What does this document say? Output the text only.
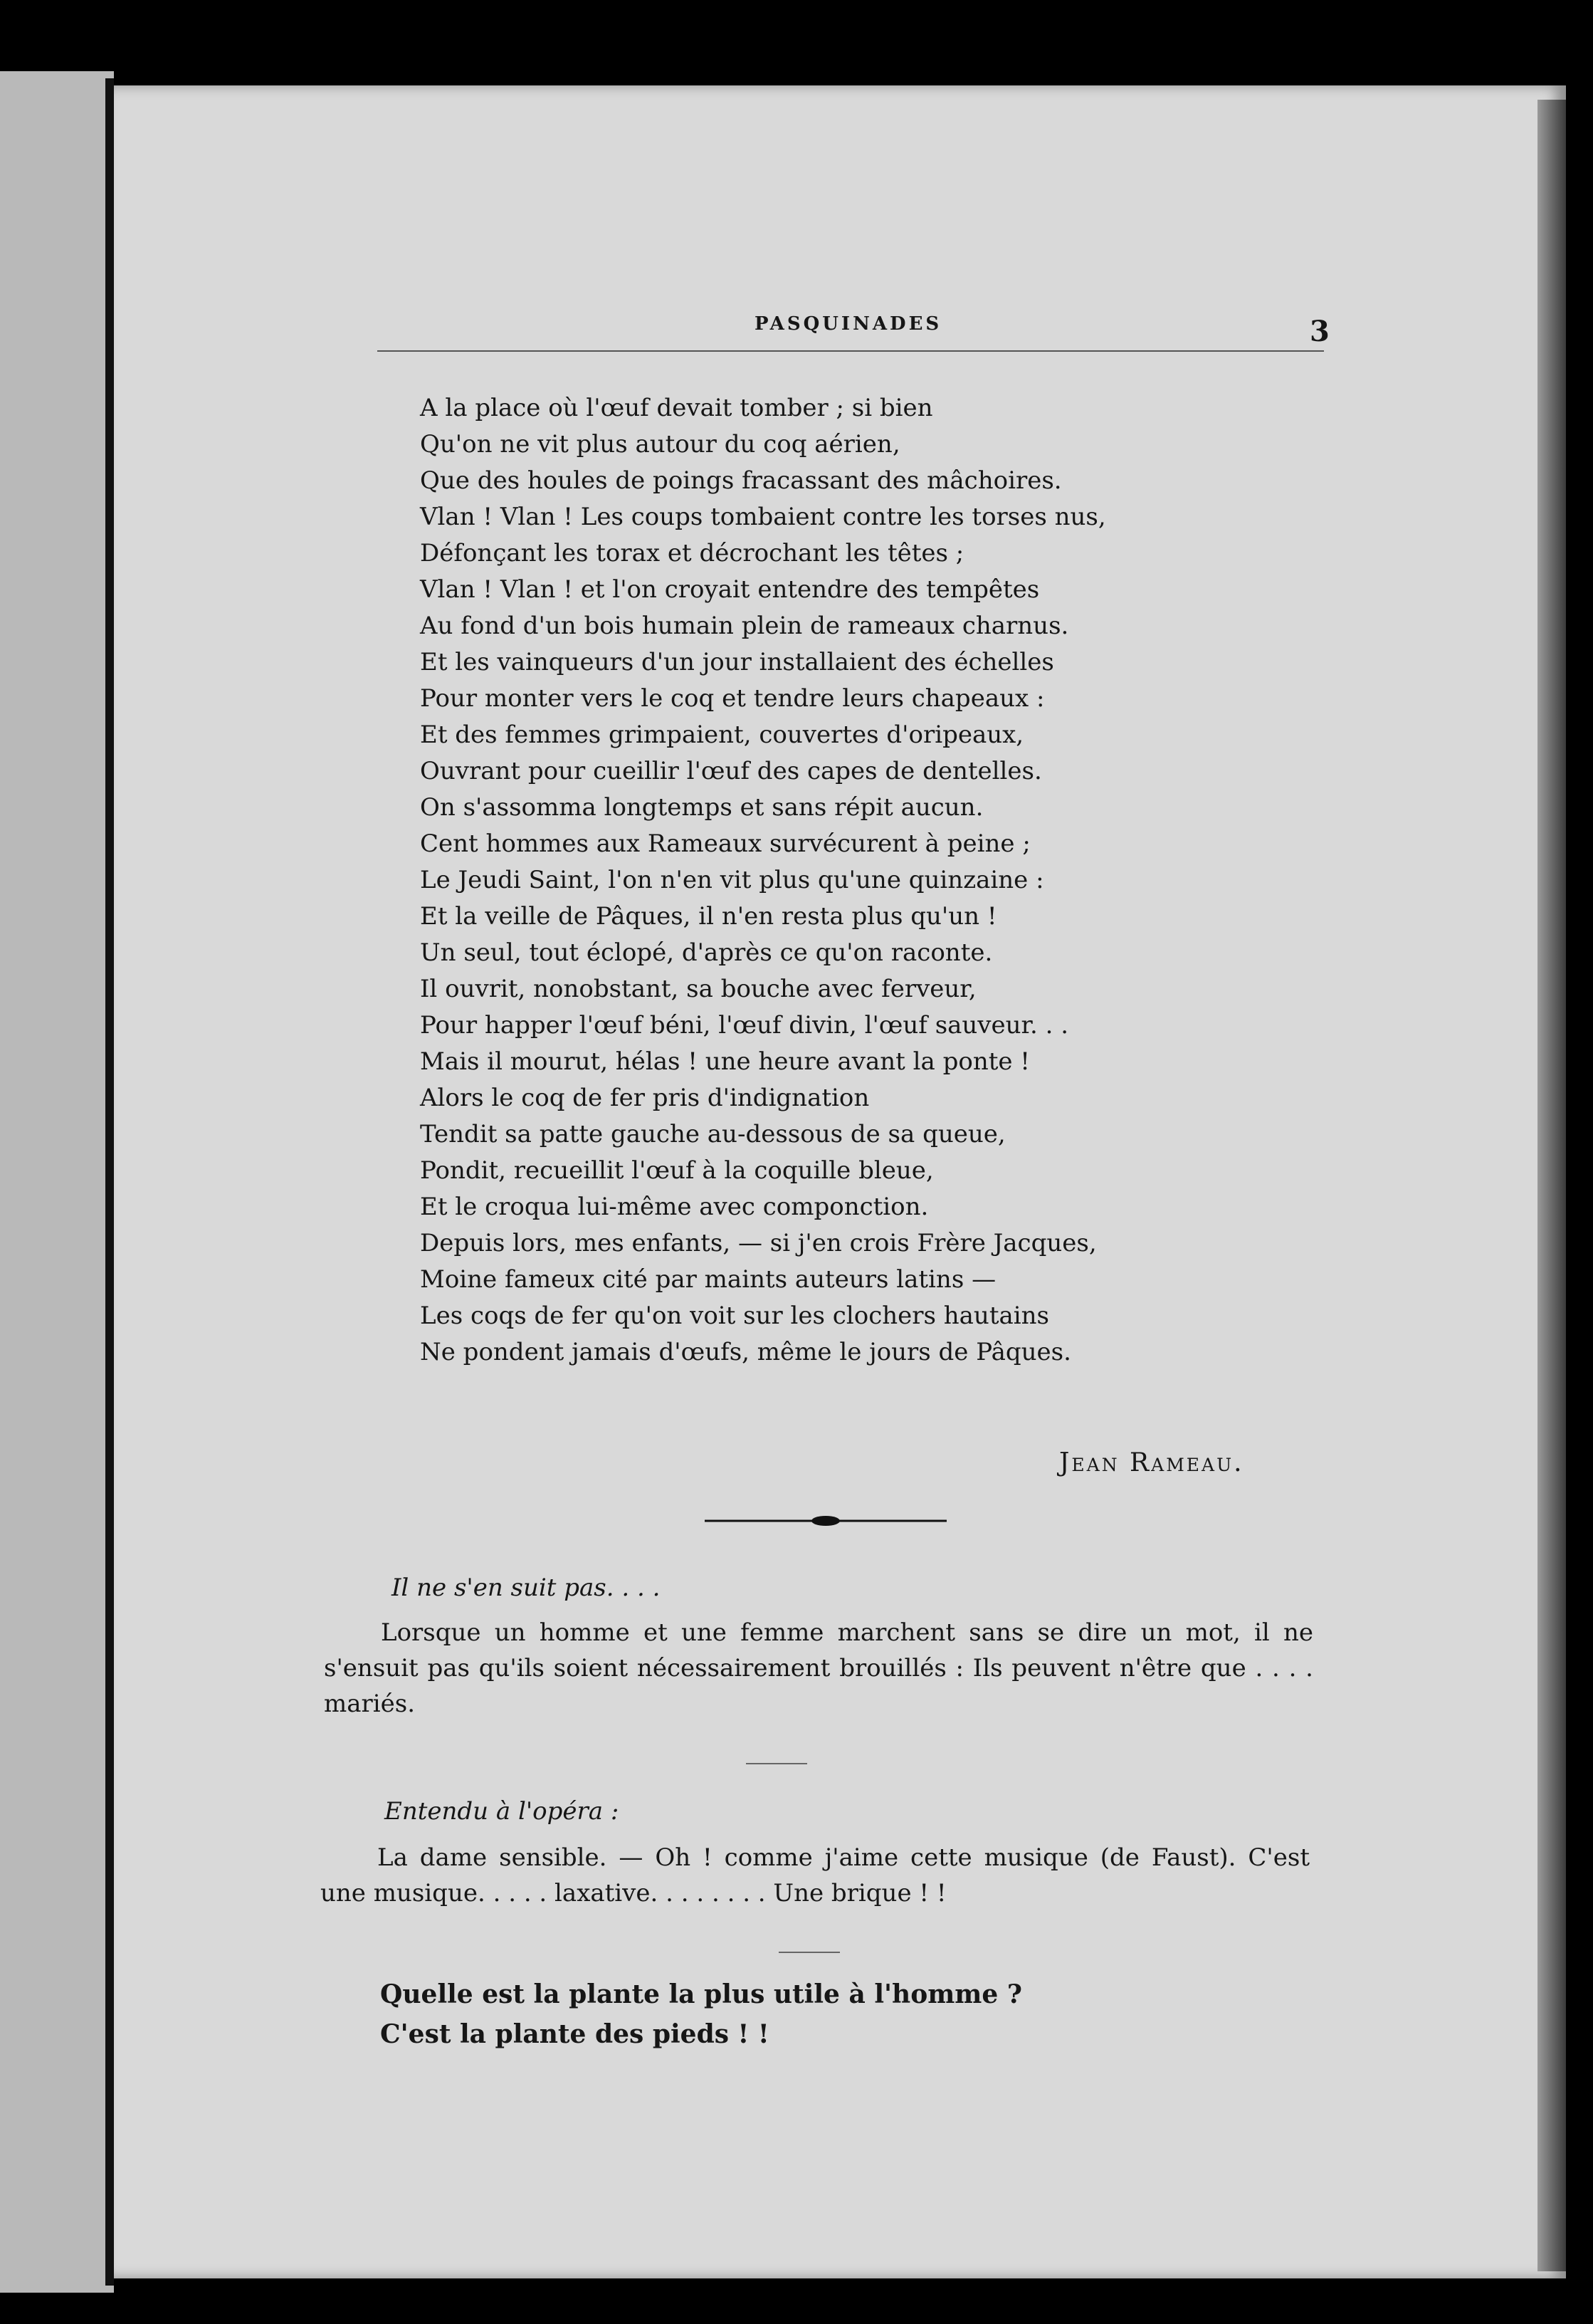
PASQUINADES	3
A la place où l'œuf devait tomber ; si bien
Qu'on ne vit plus autour du coq aérien,
Que des houles de poings fracassant des mâchoires.
Vlan ! Vlan ! Les coups tombaient contre les torses nus,
Défonçant les torax et décrochant les têtes ;
Vlan ! Vlan ! et l'on croyait entendre des tempêtes
Au fond d'un bois humain plein de rameaux charnus.
Et les vainqueurs d'un jour installaient des échelles
Pour monter vers le coq et tendre leurs chapeaux :
Et des femmes grimpaient, couvertes d'oripeaux,
Ouvrant pour cueillir l'œuf des capes de dentelles.
On s'assomma longtemps et sans répit aucun.
Cent hommes aux Rameaux survécurent à peine ;
Le Jeudi Saint, l'on n'en vit plus qu'une quinzaine :
Et la veille de Pâques, il n'en resta plus qu'un !
Un seul, tout éclopé, d'après ce qu'on raconte.
Il ouvrit, nonobstant, sa bouche avec ferveur,
Pour happer l'œuf béni, l'œuf divin, l'œuf sauveur. . .
Mais il mourut, hélas ! une heure avant la ponte !
Alors le coq de fer pris d'indignation
Tendit sa patte gauche au-dessous de sa queue,
Pondit, recueillit l'œuf à la coquille bleue,
Et le croqua lui-même avec componction.
Depuis lors, mes enfants, — si j'en crois Frère Jacques,
Moine fameux cité par maints auteurs latins —
Les coqs de fer qu'on voit sur les clochers hautains
Ne pondent jamais d'œufs, même le jours de Pâques.
Jean Rameau.
Il ne s'en suit pas. . . .

Lorsque un homme et une femme marchent sans se dire un mot, il ne s'ensuit pas qu'ils soient nécessairement brouillés : Ils peuvent n'être que . . . . mariés.

Entendu à l'opéra :

La dame sensible. — Oh ! comme j'aime cette musique (de Faust). C'est une musique. . . . . laxative. . . . . . . . Une brique ! !

Quelle est la plante la plus utile à l'homme ?
C'est la plante des pieds ! !
